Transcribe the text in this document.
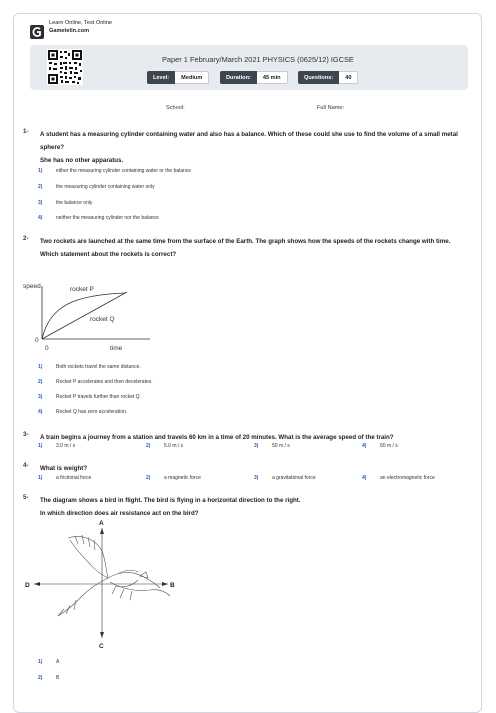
Learn Online, Test Online
Gametelin.com
Paper 1 February/March 2021 PHYSICS (0625/12) IGCSE
Level:	Medium	Duration:	45 min	Questions:	40
School:	Full Name:
1- A student has a measuring cylinder containing water and also has a balance. Which of these could she use to find the volume of a small metal sphere?
She has no other apparatus.
1)	either the measuring cylinder containing water or the balance
2)	the measuring cylinder containing water only
3)	the balance only
4)	neither the measuring cylinder nor the balance
2- Two rockets are launched at the same time from the surface of the Earth. The graph shows how the speeds of the rockets change with time.
Which statement about the rockets is correct?
speed
0
rocket P
rocket Q
0	time
1)	Both rockets travel the same distance.
2)	Rocket P accelerates and then decelerates.
3)	Rocket P travels further than rocket Q.
4)	Rocket Q has zero acceleration.
3- A train begins a journey from a station and travels 60 km in a time of 20 minutes. What is the average speed of the train?
1)	3.0 m / s	2)	5.0 m / s	3)	50 m / s	4)	60 m / s
4- What is weight?
1)	a frictional force	2)	a magnetic force	3)	a gravitational force	4)	an electromagnetic force
5- The diagram shows a bird in flight. The bird is flying in a horizontal direction to the right.
In which direction does air resistance act on the bird?
A
D	B
C
1)	A
2)	B
